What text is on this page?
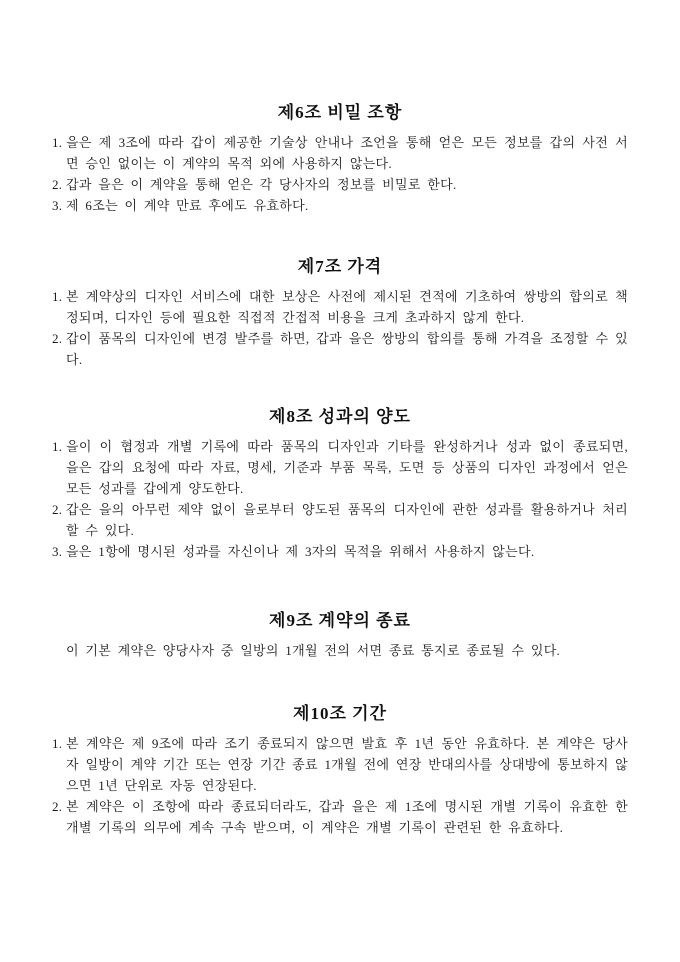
제6조 비밀 조항
1. 을은 제 3조에 따라 갑이 제공한 기술상 안내나 조언을 통해 얻은 모든 정보를 갑의 사전 서면 승인 없이는 이 계약의 목적 외에 사용하지 않는다.
2. 갑과 을은 이 계약을 통해 얻은 각 당사자의 정보를 비밀로 한다.
3. 제 6조는 이 계약 만료 후에도 유효하다.
제7조 가격
1. 본 계약상의 디자인 서비스에 대한 보상은 사전에 제시된 견적에 기초하여 쌍방의 합의로 책정되며, 디자인 등에 필요한 직접적 간접적 비용을 크게 초과하지 않게 한다.
2. 갑이 품목의 디자인에 변경 발주를 하면, 갑과 을은 쌍방의 합의를 통해 가격을 조정할 수 있다.
제8조 성과의 양도
1. 을이 이 협정과 개별 기록에 따라 품목의 디자인과 기타를 완성하거나 성과 없이 종료되면, 을은 갑의 요청에 따라 자료, 명세, 기준과 부품 목록, 도면 등 상품의 디자인 과정에서 얻은 모든 성과를 갑에게 양도한다.
2. 갑은 을의 아무런 제약 없이 을로부터 양도된 품목의 디자인에 관한 성과를 활용하거나 처리할 수 있다.
3. 을은 1항에 명시된 성과를 자신이나 제 3자의 목적을 위해서 사용하지 않는다.
제9조 계약의 종료
이 기본 계약은 양당사자 중 일방의 1개월 전의 서면 종료 통지로 종료될 수 있다.
제10조 기간
1. 본 계약은 제 9조에 따라 조기 종료되지 않으면 발효 후 1년 동안 유효하다. 본 계약은 당사자 일방이 계약 기간 또는 연장 기간 종료 1개월 전에 연장 반대의사를 상대방에 통보하지 않으면 1년 단위로 자동 연장된다.
2. 본 계약은 이 조항에 따라 종료되더라도, 갑과 을은 제 1조에 명시된 개별 기록이 유효한 한 개별 기록의 의무에 계속 구속 받으며, 이 계약은 개별 기록이 관련된 한 유효하다.
